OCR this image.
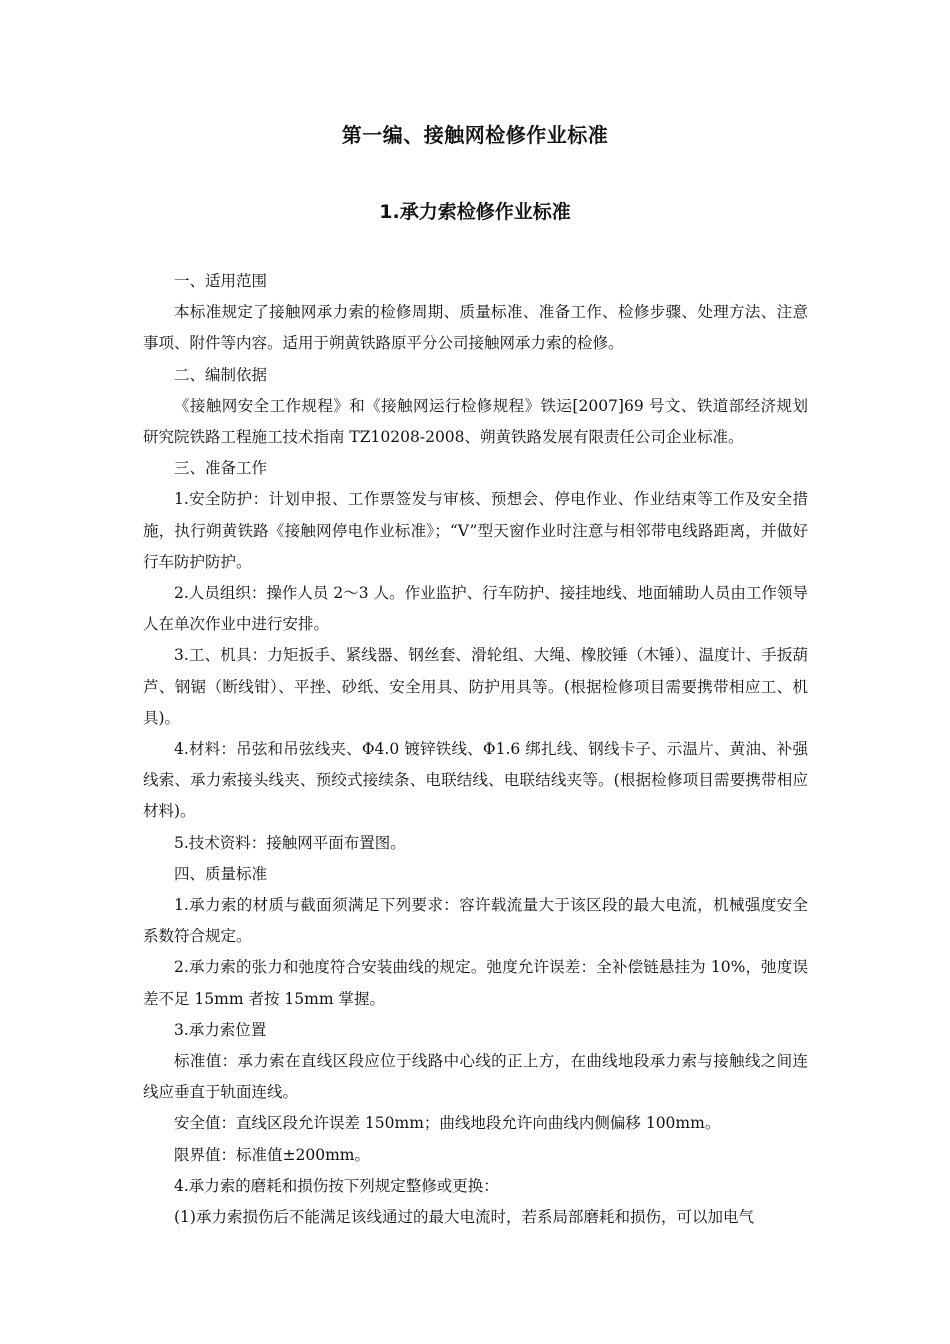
第一编、接触网检修作业标准
1.承力索检修作业标准

一、适用范围

本标准规定了接触网承力索的检修周期、质量标准、准备工作、检修步骤、处理方法、注意事项、附件等内容。适用于朔黄铁路原平分公司接触网承力索的检修。

二、编制依据

《接触网安全工作规程》和《接触网运行检修规程》铁运[2007]69 号文、铁道部经济规划研究院铁路工程施工技术指南 TZ10208-2008、朔黄铁路发展有限责任公司企业标准。

三、准备工作

1.安全防护：计划申报、工作票签发与审核、预想会、停电作业、作业结束等工作及安全措施，执行朔黄铁路《接触网停电作业标准》；“V”型天窗作业时注意与相邻带电线路距离，并做好行车防护防护。

2.人员组织：操作人员 2～3 人。作业监护、行车防护、接挂地线、地面辅助人员由工作领导人在单次作业中进行安排。

3.工、机具：力矩扳手、紧线器、钢丝套、滑轮组、大绳、橡胶锤（木锤）、温度计、手扳葫芦、钢锯（断线钳）、平挫、砂纸、安全用具、防护用具等。(根据检修项目需要携带相应工、机具)。

4.材料：吊弦和吊弦线夹、Φ4.0 镀锌铁线、Φ1.6 绑扎线、钢线卡子、示温片、黄油、补强线索、承力索接头线夹、预绞式接续条、电联结线、电联结线夹等。(根据检修项目需要携带相应材料)。

5.技术资料：接触网平面布置图。

四、质量标准

1.承力索的材质与截面须满足下列要求：容许载流量大于该区段的最大电流，机械强度安全系数符合规定。

2.承力索的张力和弛度符合安装曲线的规定。弛度允许误差：全补偿链悬挂为 10%，弛度误差不足 15mm 者按 15mm 掌握。

3.承力索位置

标准值：承力索在直线区段应位于线路中心线的正上方，在曲线地段承力索与接触线之间连线应垂直于轨面连线。

安全值：直线区段允许误差 150mm；曲线地段允许向曲线内侧偏移 100mm。

限界值：标准值±200mm。

4.承力索的磨耗和损伤按下列规定整修或更换：

(1)承力索损伤后不能满足该线通过的最大电流时，若系局部磨耗和损伤，可以加电气
